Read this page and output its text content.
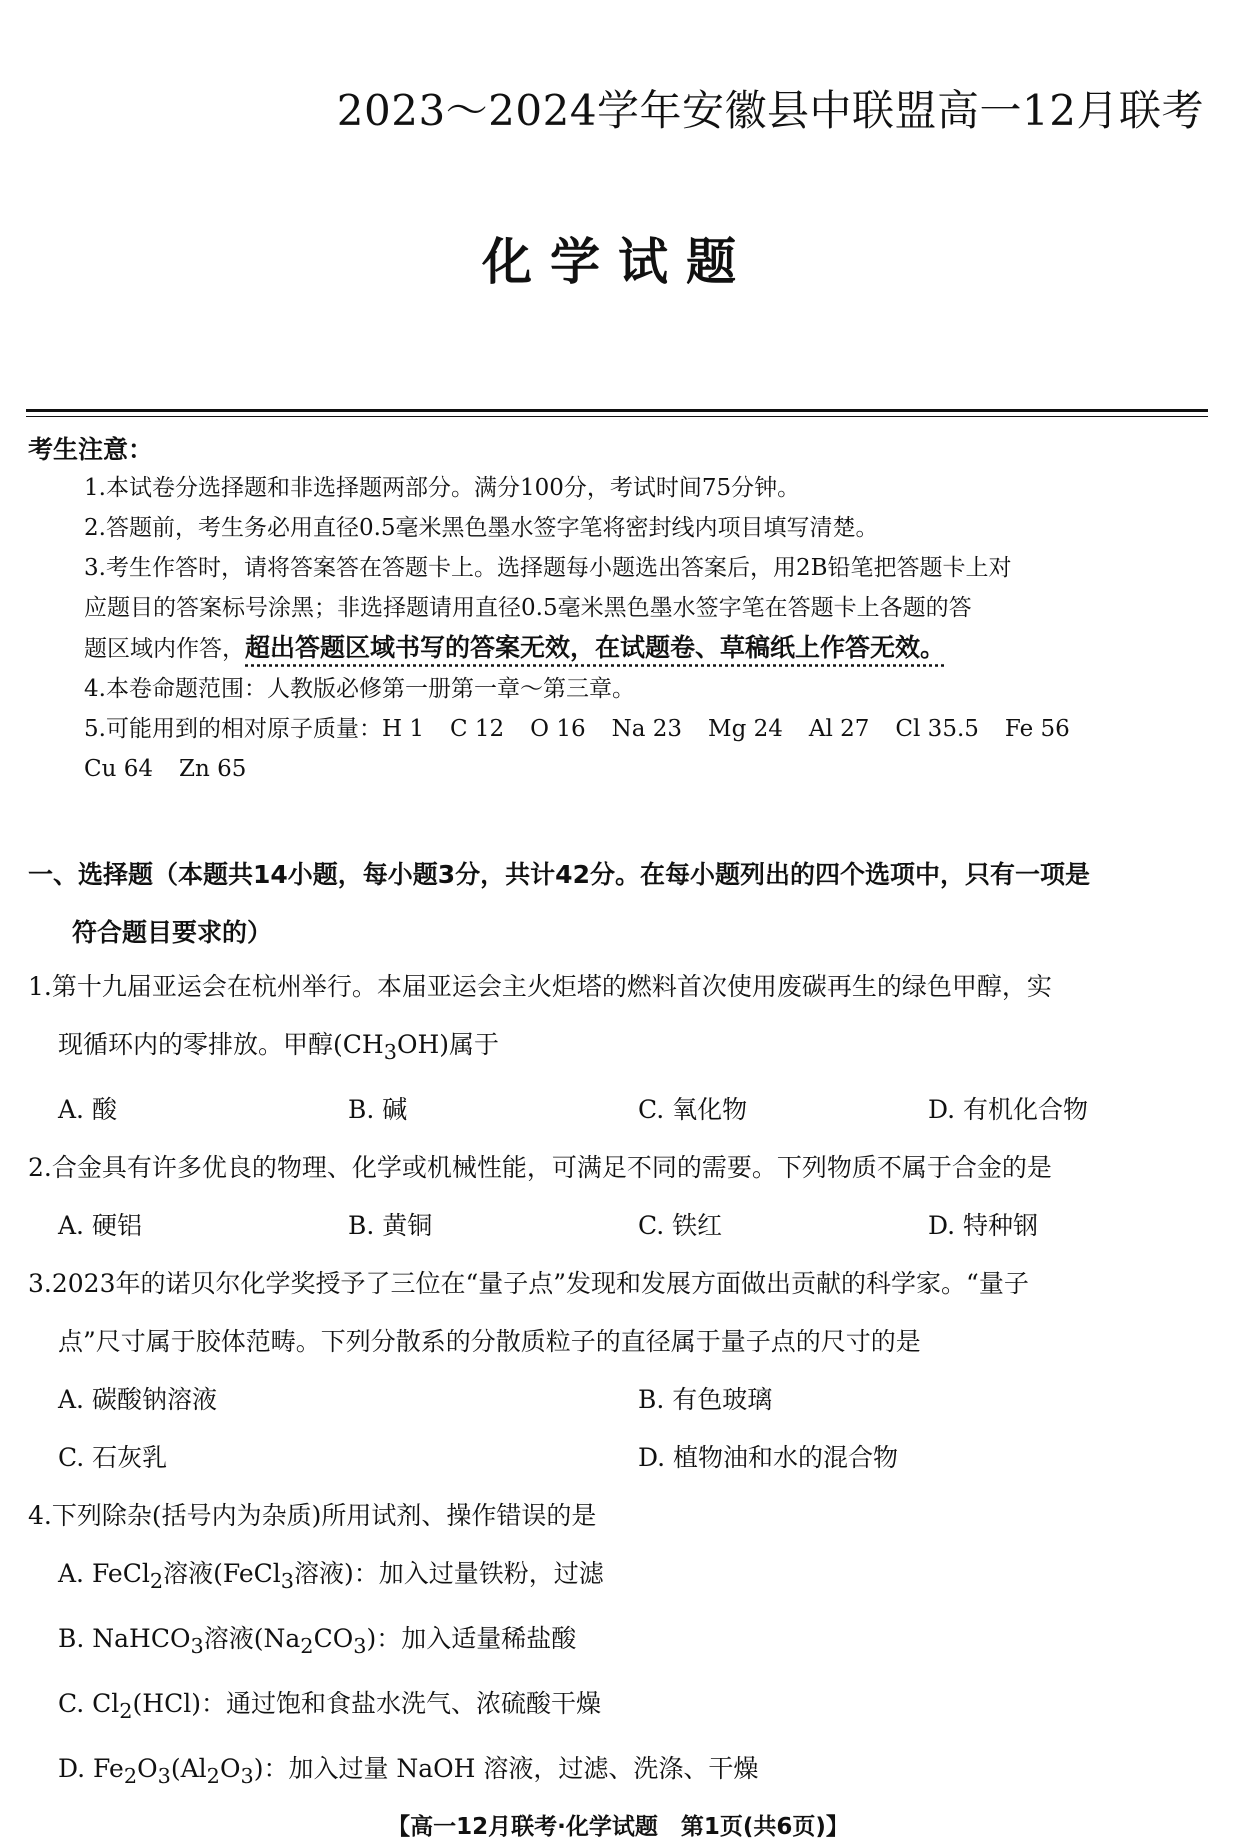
2023～2024学年安徽县中联盟高一12月联考
化学试题
考生注意：
1.本试卷分选择题和非选择题两部分。满分100分，考试时间75分钟。
2.答题前，考生务必用直径0.5毫米黑色墨水签字笔将密封线内项目填写清楚。
3.考生作答时，请将答案答在答题卡上。选择题每小题选出答案后，用2B铅笔把答题卡上对
应题目的答案标号涂黑；非选择题请用直径0.5毫米黑色墨水签字笔在答题卡上各题的答
题区域内作答，超出答题区域书写的答案无效，在试题卷、草稿纸上作答无效。
4.本卷命题范围：人教版必修第一册第一章～第三章。
5.可能用到的相对原子质量：H 1 C 12 O 16 Na 23 Mg 24 Al 27 Cl 35.5 Fe 56
Cu 64 Zn 65
一、选择题（本题共14小题，每小题3分，共计42分。在每小题列出的四个选项中，只有一项是
符合题目要求的）
1.第十九届亚运会在杭州举行。本届亚运会主火炬塔的燃料首次使用废碳再生的绿色甲醇，实
现循环内的零排放。甲醇$(CH_3OH)$属于
A. 酸	B. 碱	C. 氧化物	D. 有机化合物
2.合金具有许多优良的物理、化学或机械性能，可满足不同的需要。下列物质不属于合金的是
A. 硬铝	B. 黄铜	C. 铁红	D. 特种钢
3.2023年的诺贝尔化学奖授予了三位在“量子点”发现和发展方面做出贡献的科学家。“量子
点”尺寸属于胶体范畴。下列分散系的分散质粒子的直径属于量子点的尺寸的是
A. 碳酸钠溶液	B. 有色玻璃
C. 石灰乳	D. 植物油和水的混合物
4.下列除杂(括号内为杂质)所用试剂、操作错误的是
A. FeCl$_2$溶液(FeCl$_3$溶液)：加入过量铁粉，过滤
B. NaHCO$_3$溶液$(Na_2CO_3)$：加入适量稀盐酸
C. $Cl_2(HCl)$：通过饱和食盐水洗气、浓硫酸干燥
D. $Fe_2O_3(Al_2O_3)$：加入过量 NaOH 溶液，过滤、洗涤、干燥
【高一12月联考·化学试题　第1页(共6页)】
